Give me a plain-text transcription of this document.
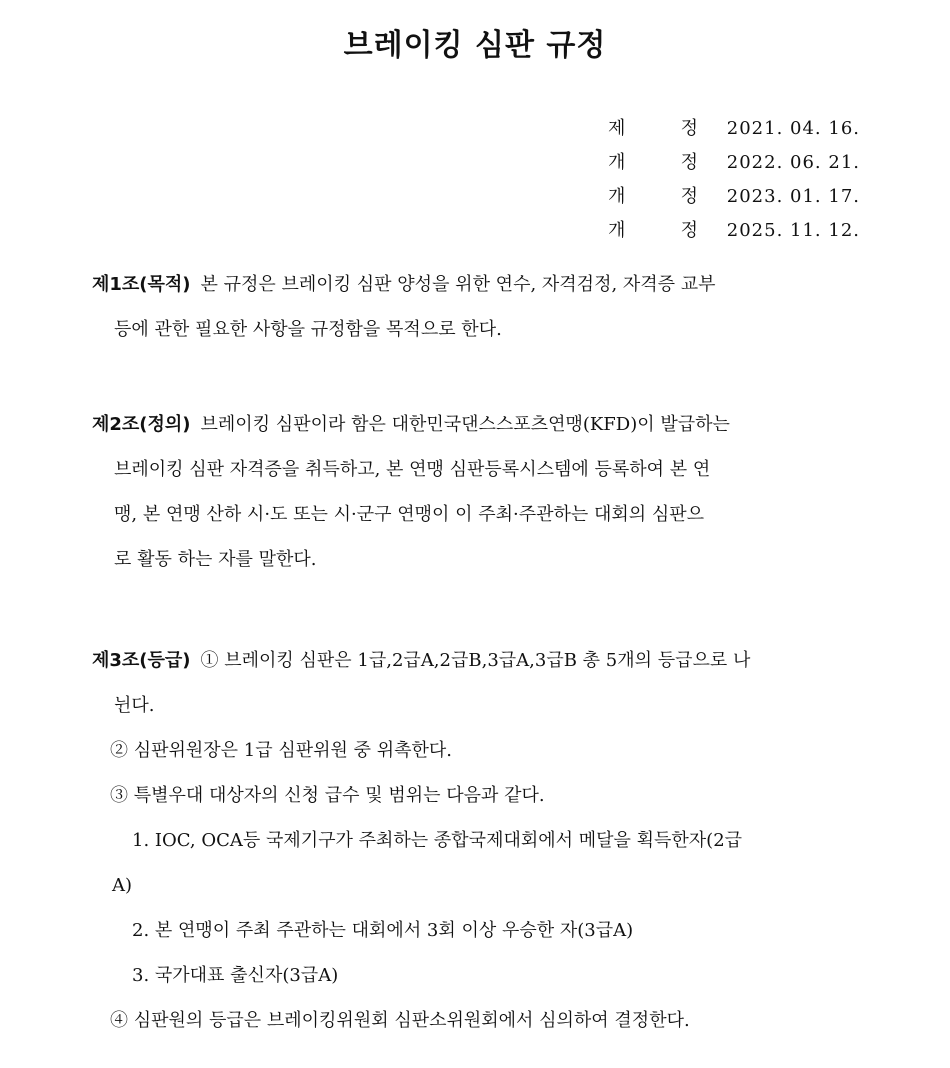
브레이킹 심판 규정
제	정 2021. 04. 16.
개	정 2022. 06. 21.
개	정 2023. 01. 17.
개	정 2025. 11. 12.

제1조(목적) 본 규정은 브레이킹 심판 양성을 위한 연수, 자격검정, 자격증 교부

등에 관한 필요한 사항을 규정함을 목적으로 한다.

제2조(정의) 브레이킹 심판이라 함은 대한민국댄스스포츠연맹(KFD)이 발급하는

브레이킹 심판 자격증을 취득하고, 본 연맹 심판등록시스템에 등록하여 본 연

맹, 본 연맹 산하 시·도 또는 시·군구 연맹이 이 주최·주관하는 대회의 심판으

로 활동 하는 자를 말한다.

제3조(등급) ① 브레이킹 심판은 1급,2급A,2급B,3급A,3급B 총 5개의 등급으로 나

뉜다.

② 심판위원장은 1급 심판위원 중 위촉한다.

③ 특별우대 대상자의 신청 급수 및 범위는 다음과 같다.

1. IOC, OCA등 국제기구가 주최하는 종합국제대회에서 메달을 획득한자(2급

A)

2. 본 연맹이 주최 주관하는 대회에서 3회 이상 우승한 자(3급A)

3. 국가대표 출신자(3급A)

④ 심판원의 등급은 브레이킹위원회 심판소위원회에서 심의하여 결정한다.
